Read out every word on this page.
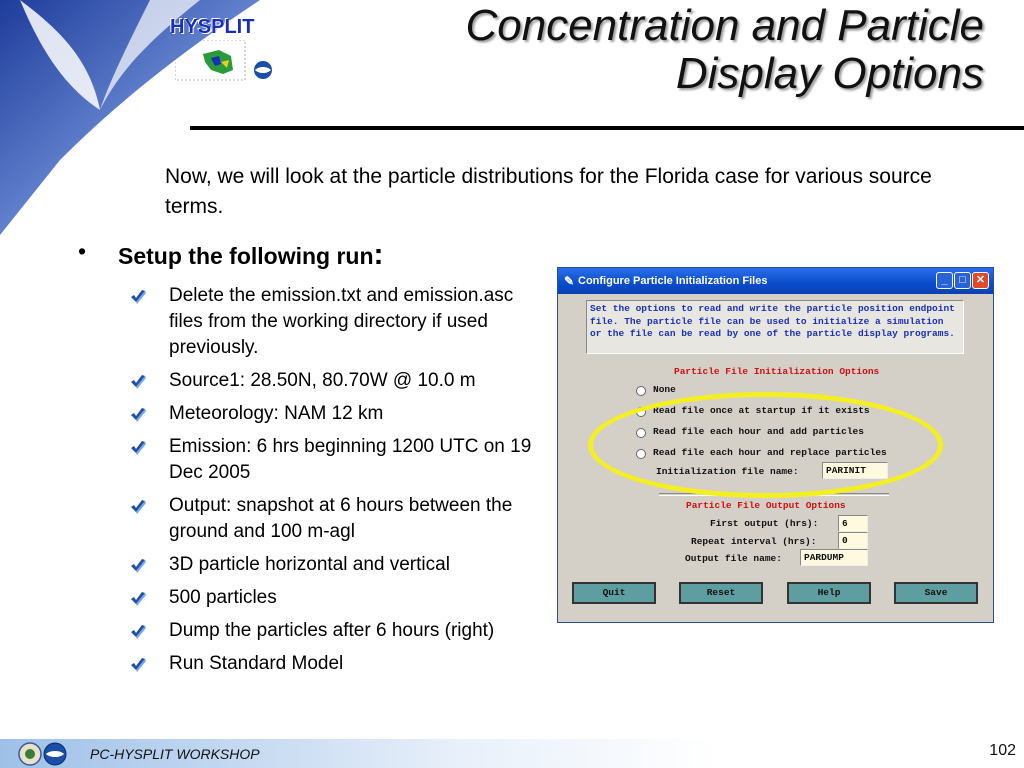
HYSPLIT	Concentration and Particle
Display Options
Now, we will look at the particle distributions for the Florida case for various source terms.
• Setup the following run:
Delete the emission.txt and emission.asc files from the working directory if used previously.
Source1: 28.50N, 80.70W @ 10.0 m
Meteorology: NAM 12 km
Emission: 6 hrs beginning 1200 UTC on 19 Dec 2005
Output: snapshot at 6 hours between the ground and 100 m-agl
3D particle horizontal and vertical
500 particles
Dump the particles after 6 hours (right)
Run Standard Model
✎ Configure Particle Initialization Files	_	□ ✕
Set the options to read and write the particle position endpoint file. The particle file can be used to initialize a simulation or the file can be read by one of the particle display programs.
Particle File Initialization Options
None
Read file once at startup if it exists
Read file each hour and add particles
Read file each hour and replace particles
Initialization file name:	PARINIT
Particle File Output Options
First output (hrs):	6
Repeat interval (hrs):	0
Output file name:	PARDUMP
Quit	Reset	Help	Save
PC-HYSPLIT WORKSHOP	102
